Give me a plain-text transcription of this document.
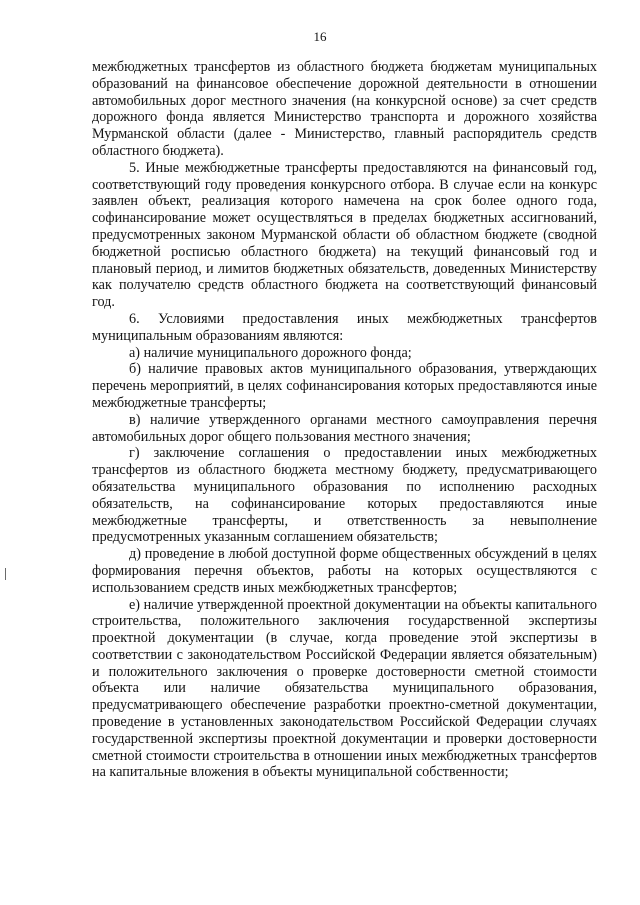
16

межбюджетных трансфертов из областного бюджета бюджетам муниципальных образований на финансовое обеспечение дорожной деятельности в отношении автомобильных дорог местного значения (на конкурсной основе) за счет средств дорожного фонда является Министерство транспорта и дорожного хозяйства Мурманской области (далее - Министерство, главный распорядитель средств областного бюджета).

5. Иные межбюджетные трансферты предоставляются на финансовый год, соответствующий году проведения конкурсного отбора. В случае если на конкурс заявлен объект, реализация которого намечена на срок более одного года, софинансирование может осуществляться в пределах бюджетных ассигнований, предусмотренных законом Мурманской области об областном бюджете (сводной бюджетной росписью областного бюджета) на текущий финансовый год и плановый период, и лимитов бюджетных обязательств, доведенных Министерству как получателю средств областного бюджета на соответствующий финансовый год.

6. Условиями предоставления иных межбюджетных трансфертов муниципальным образованиям являются:

а) наличие муниципального дорожного фонда;

б) наличие правовых актов муниципального образования, утверждающих перечень мероприятий, в целях софинансирования которых предоставляются иные межбюджетные трансферты;

в) наличие утвержденного органами местного самоуправления перечня автомобильных дорог общего пользования местного значения;

г) заключение соглашения о предоставлении иных межбюджетных трансфертов из областного бюджета местному бюджету, предусматривающего обязательства муниципального образования по исполнению расходных обязательств, на софинансирование которых предоставляются иные межбюджетные трансферты, и ответственность за невыполнение предусмотренных указанным соглашением обязательств;

д) проведение в любой доступной форме общественных обсуждений в целях формирования перечня объектов, работы на которых осуществляются с использованием средств иных межбюджетных трансфертов;

е) наличие утвержденной проектной документации на объекты капитального строительства, положительного заключения государственной экспертизы проектной документации (в случае, когда проведение этой экспертизы в соответствии с законодательством Российской Федерации является обязательным) и положительного заключения о проверке достоверности сметной стоимости объекта или наличие обязательства муниципального образования, предусматривающего обеспечение разработки проектно-сметной документации, проведение в установленных законодательством Российской Федерации случаях государственной экспертизы проектной документации и проверки достоверности сметной стоимости строительства в отношении иных межбюджетных трансфертов на капитальные вложения в объекты муниципальной собственности;
